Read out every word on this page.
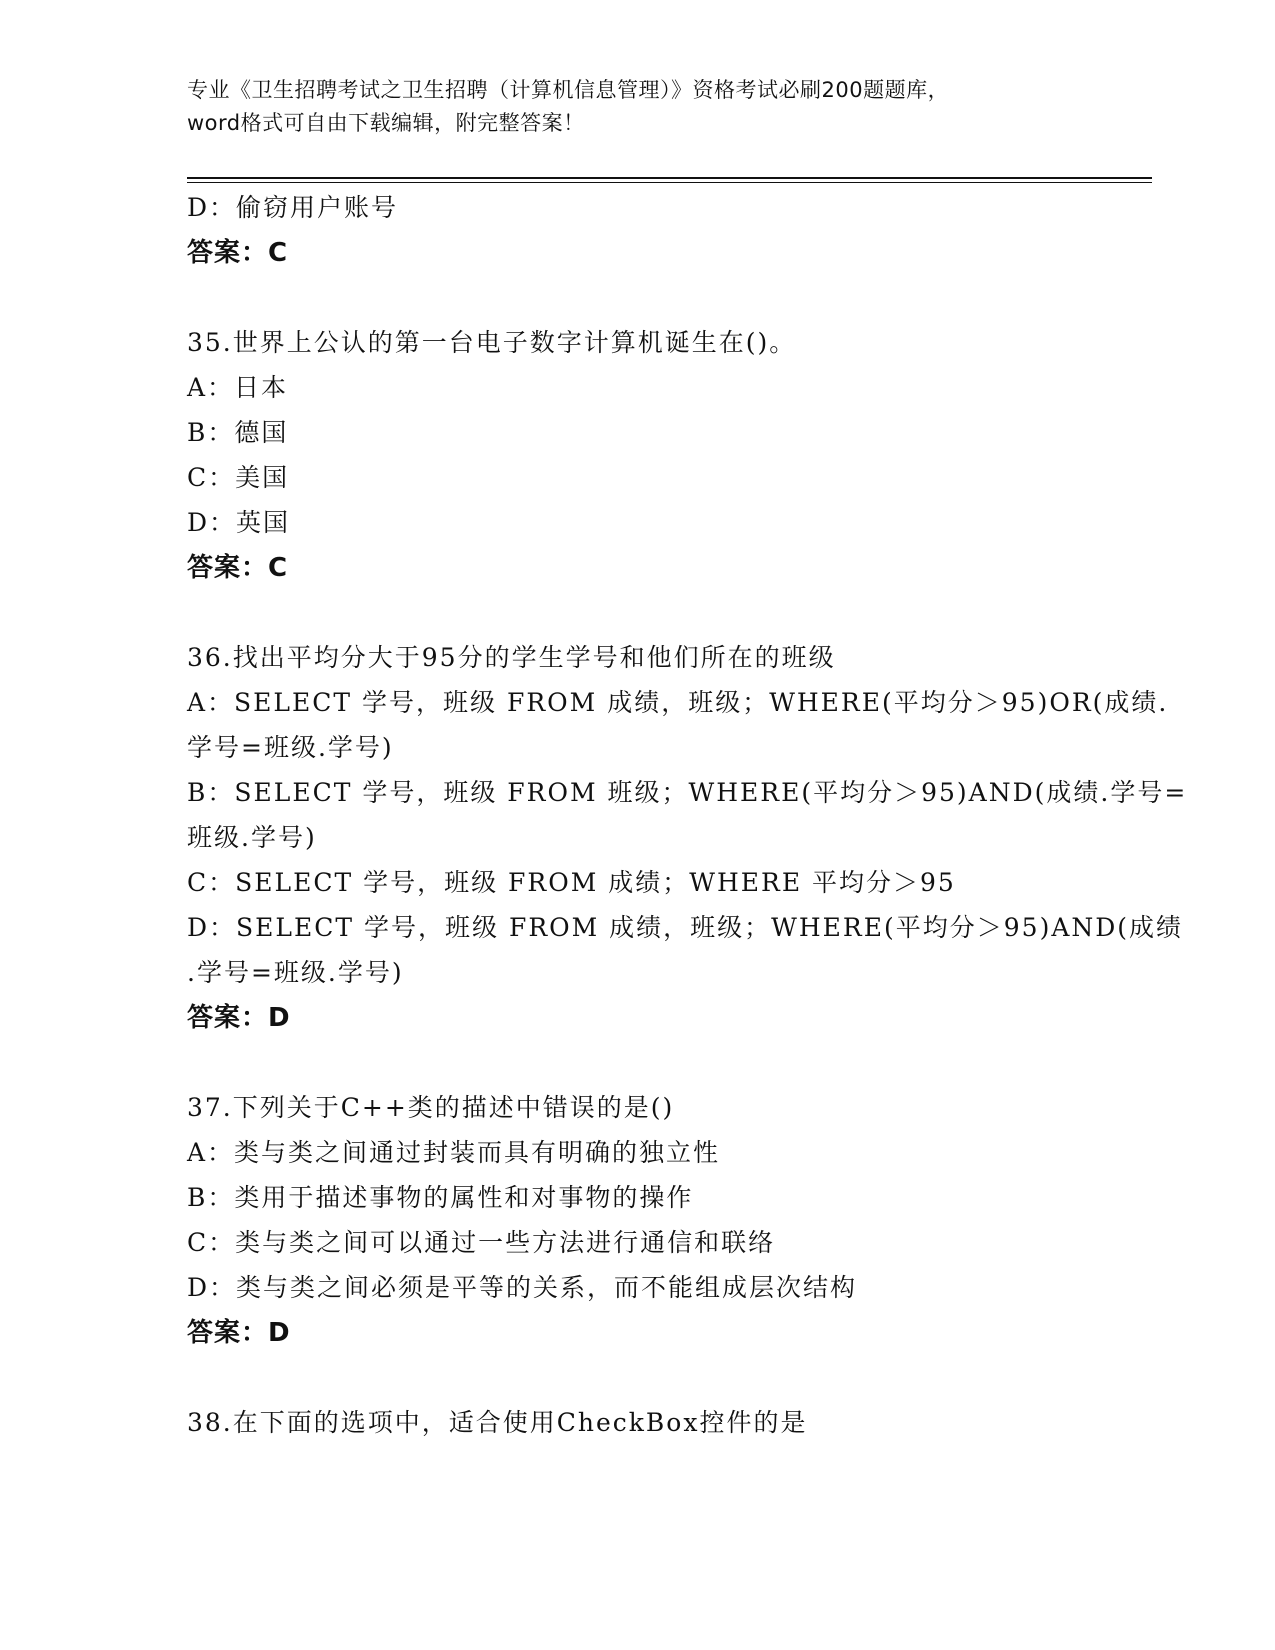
专业《卫生招聘考试之卫生招聘（计算机信息管理）》资格考试必刷200题题库，
word格式可自由下载编辑，附完整答案！
D：偷窃用户账号
答案：C
35.世界上公认的第一台电子数字计算机诞生在()。
A：日本
B：德国
C：美国
D：英国
答案：C
36.找出平均分大于95分的学生学号和他们所在的班级
A：SELECT 学号，班级 FROM 成绩，班级；WHERE(平均分＞95)OR(成绩.
学号=班级.学号)
B：SELECT 学号，班级 FROM 班级；WHERE(平均分＞95)AND(成绩.学号=
班级.学号)
C：SELECT 学号，班级 FROM 成绩；WHERE 平均分＞95
D：SELECT 学号，班级 FROM 成绩，班级；WHERE(平均分＞95)AND(成绩
.学号=班级.学号)
答案：D
37.下列关于C++类的描述中错误的是()
A：类与类之间通过封装而具有明确的独立性
B：类用于描述事物的属性和对事物的操作
C：类与类之间可以通过一些方法进行通信和联络
D：类与类之间必须是平等的关系，而不能组成层次结构
答案：D
38.在下面的选项中，适合使用CheckBox控件的是
